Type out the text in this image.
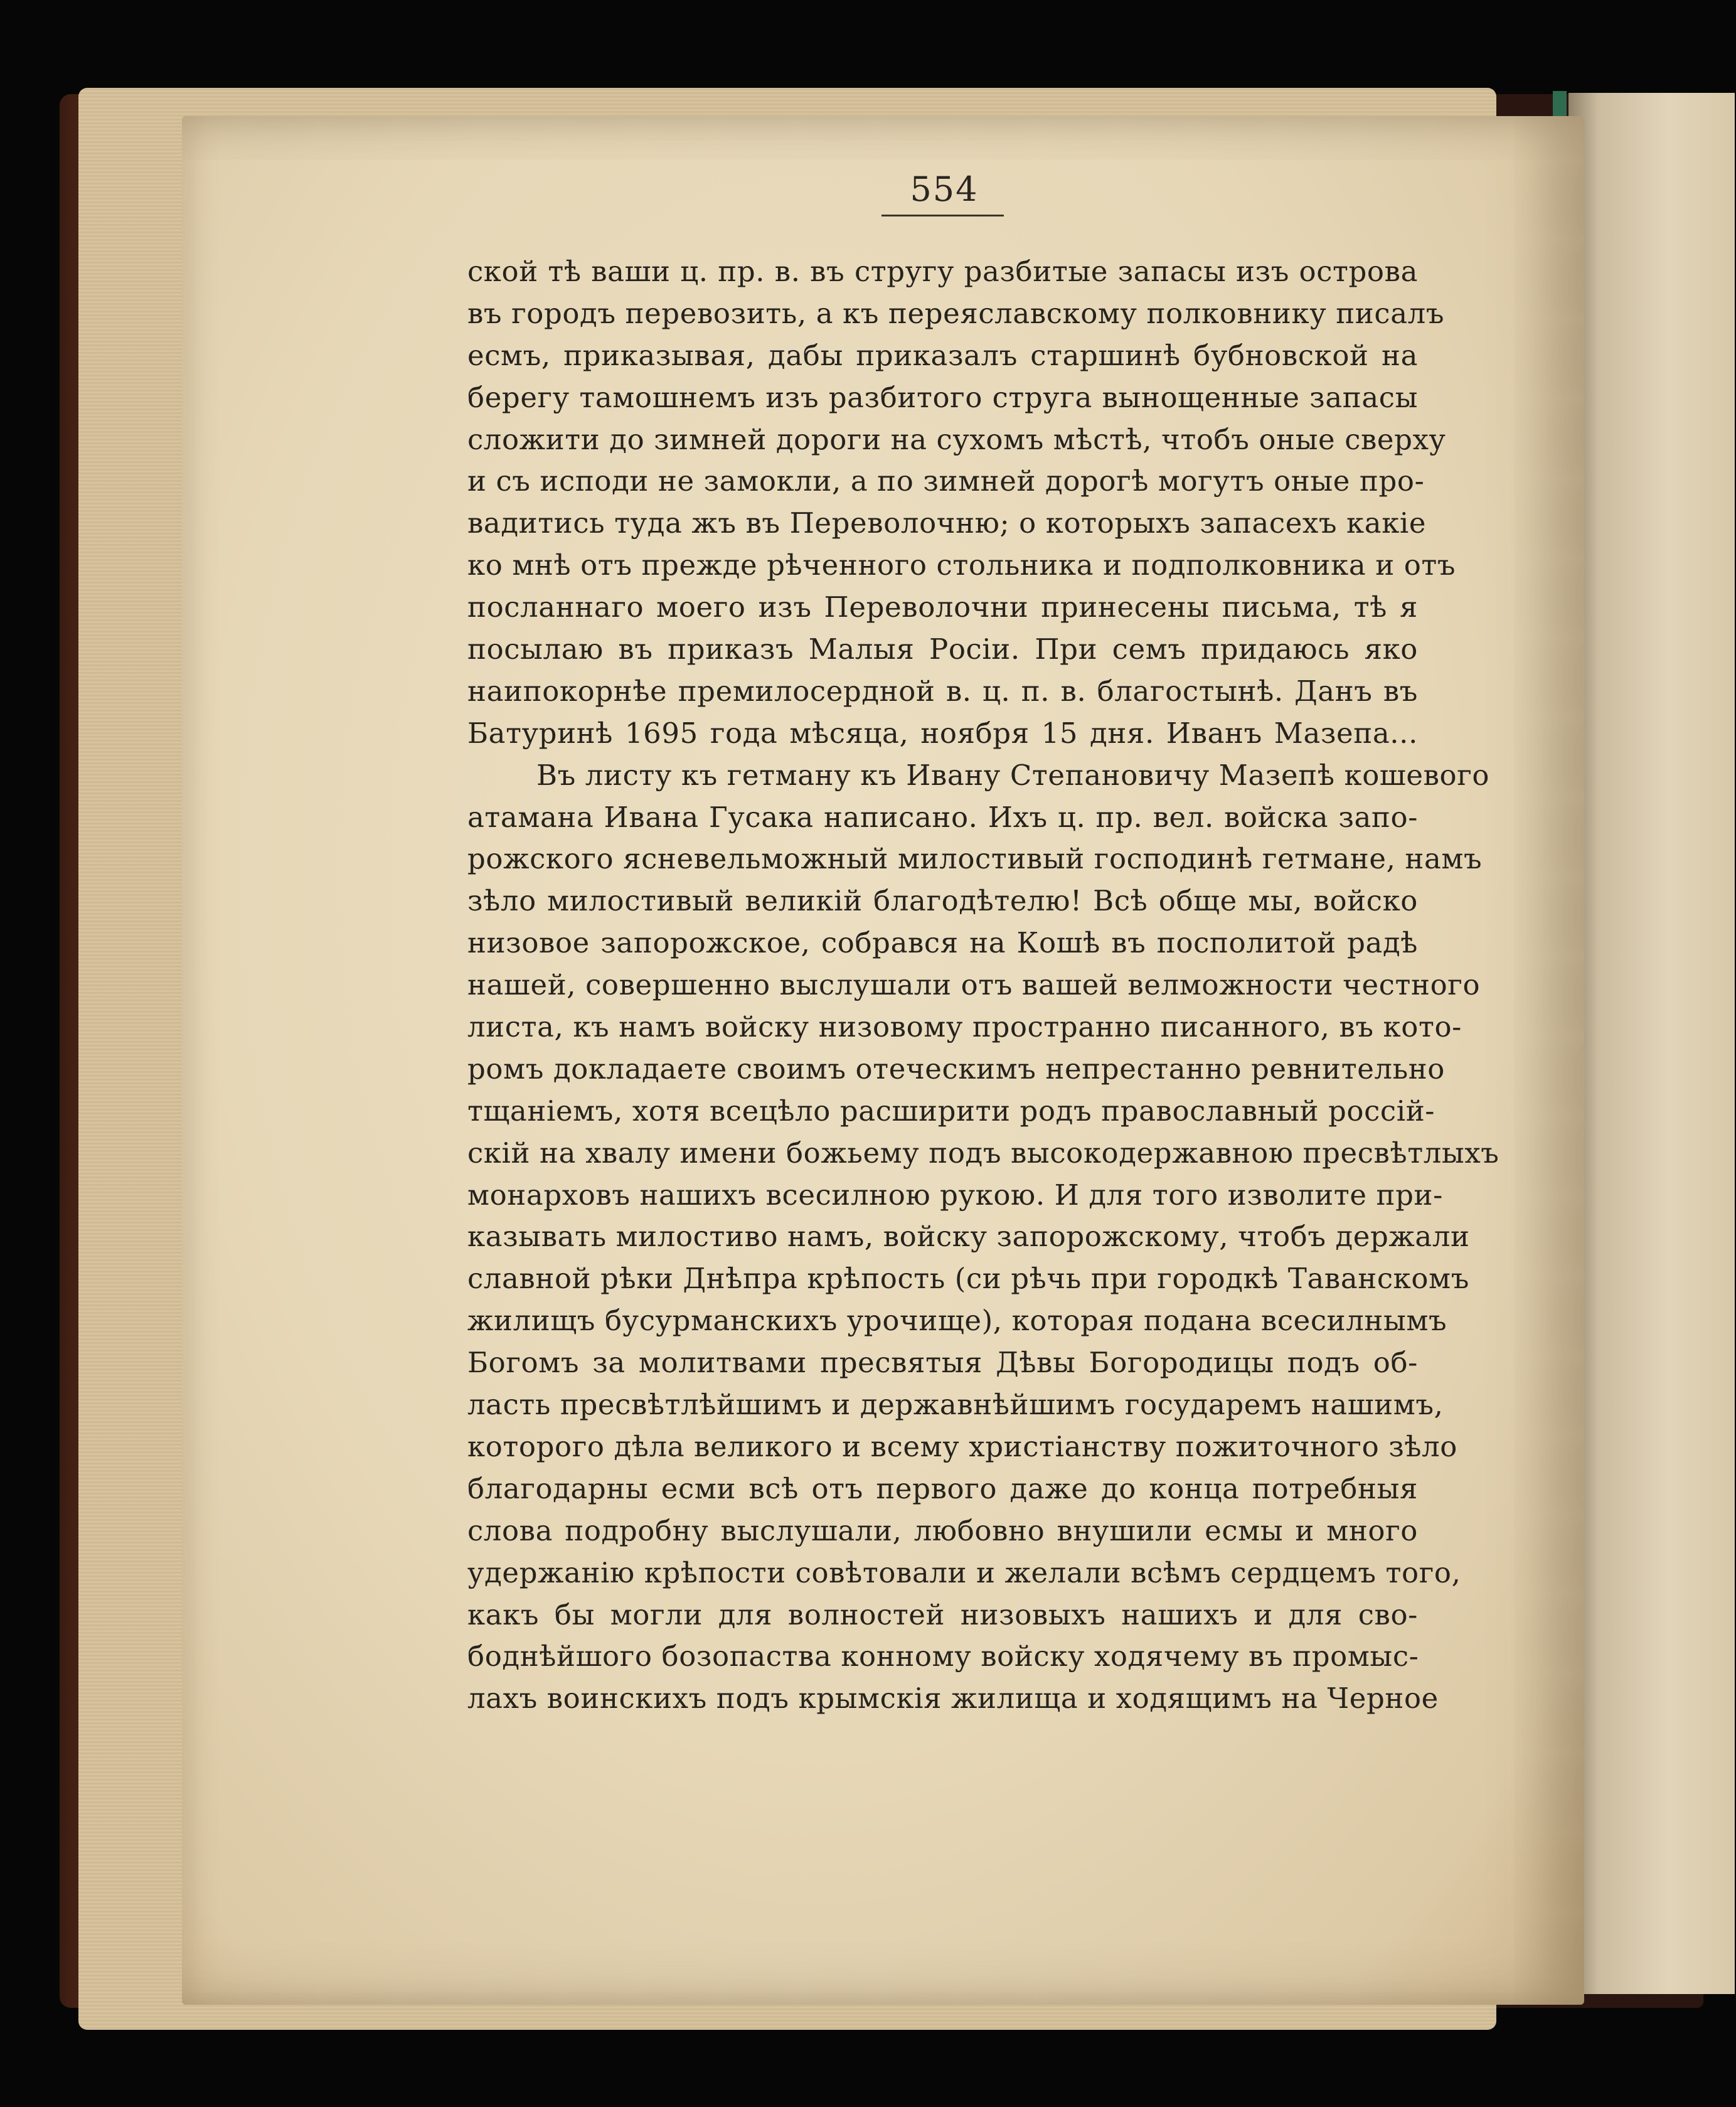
554
ской тѣ ваши ц. пр. в. въ стругу разбитые запасы изъ острова
въ городъ перевозить, а къ переяславскому полковнику писалъ
есмъ, приказывая, дабы приказалъ старшинѣ бубновской на
берегу тамошнемъ изъ разбитого струга вынощенные запасы
сложити до зимней дороги на сухомъ мѣстѣ, чтобъ оные сверху
и съ исподи не замокли, а по зимней дорогѣ могутъ оные про-
вадитись туда жъ въ Переволочню; о которыхъ запасехъ какіе
ко мнѣ отъ прежде рѣченного стольника и подполковника и отъ
посланнаго моего изъ Переволочни принесены письма, тѣ я
посылаю въ приказъ Малыя Росіи. При семъ придаюсь яко
наипокорнѣе премилосердной в. ц. п. в. благостынѣ. Данъ въ
Батуринѣ 1695 года мѣсяца, ноября 15 дня. Иванъ Мазепа...
Въ листу къ гетману къ Ивану Степановичу Мазепѣ кошевого
атамана Ивана Гусака написано. Ихъ ц. пр. вел. войска запо-
рожского ясневельможный милостивый господинѣ гетмане, намъ
зѣло милостивый великій благодѣтелю! Всѣ обще мы, войско
низовое запорожское, собрався на Кошѣ въ посполитой радѣ
нашей, совершенно выслушали отъ вашей велможности честного
листа, къ намъ войску низовому пространно писанного, въ кото-
ромъ докладаете своимъ отеческимъ непрестанно ревнительно
тщаніемъ, хотя всецѣло расширити родъ православный россій-
скій на хвалу имени божьему подъ высокодержавною пресвѣтлыхъ
монарховъ нашихъ всесилною рукою. И для того изволите при-
казывать милостиво намъ, войску запорожскому, чтобъ держали
славной рѣки Днѣпра крѣпость (си рѣчь при городкѣ Таванскомъ
жилищъ бусурманскихъ урочище), которая подана всесилнымъ
Богомъ за молитвами пресвятыя Дѣвы Богородицы подъ об-
ласть пресвѣтлѣйшимъ и державнѣйшимъ государемъ нашимъ,
которого дѣла великого и всему христіанству пожиточного зѣло
благодарны есми всѣ отъ первого даже до конца потребныя
слова подробну выслушали, любовно внушили есмы и много
удержанію крѣпости совѣтовали и желали всѣмъ сердцемъ того,
какъ бы могли для волностей низовыхъ нашихъ и для сво-
боднѣйшого бозопаства конному войску ходячему въ промыс-
лахъ воинскихъ подъ крымскія жилища и ходящимъ на Черное
